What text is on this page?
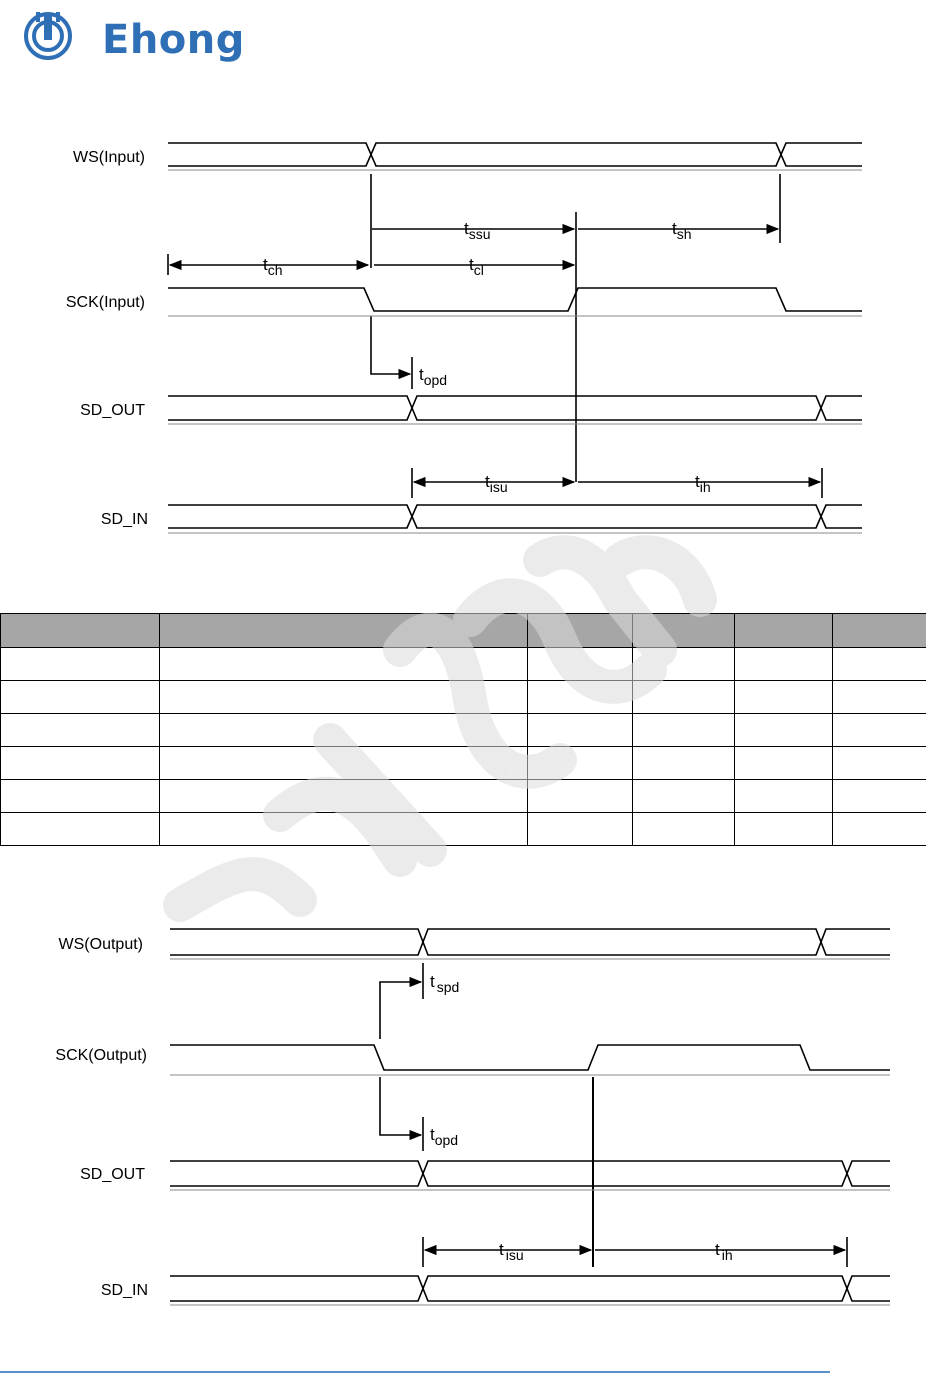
Ehong
WS(Input)
SCK(Input)
SD_OUT
SD_IN
$t_{ssu}$	$t_{sh}$
$t_{ch}$	$t_{cl}$
$t_{opd}$
$t_{isu}$	$t_{ih}$

WS(Output)
SCK(Output)
SD_OUT
SD_IN
t $_{spd}$
$t_{opd}$
t $_{isu}$	t $_{ih}$
